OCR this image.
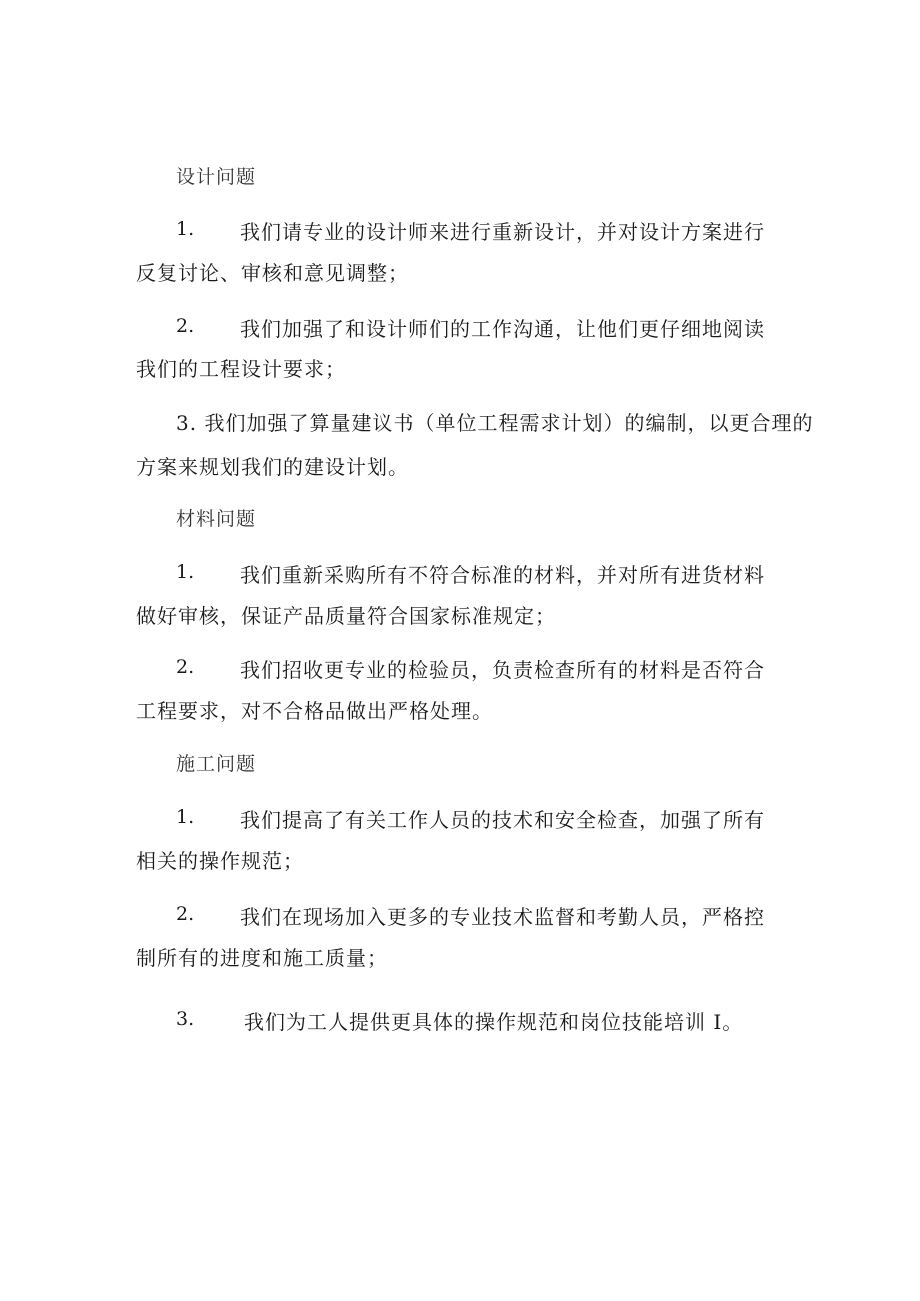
设计问题
1. 我们请专业的设计师来进行重新设计，并对设计方案进行
反复讨论、审核和意见调整；
2. 我们加强了和设计师们的工作沟通，让他们更仔细地阅读
我们的工程设计要求；
3. 我们加强了算量建议书（单位工程需求计划）的编制，以更合理的
方案来规划我们的建设计划。
材料问题
1. 我们重新采购所有不符合标准的材料，并对所有进货材料
做好审核，保证产品质量符合国家标准规定；
2. 我们招收更专业的检验员，负责检查所有的材料是否符合
工程要求，对不合格品做出严格处理。
施工问题
1. 我们提高了有关工作人员的技术和安全检查，加强了所有
相关的操作规范；
2. 我们在现场加入更多的专业技术监督和考勤人员，严格控
制所有的进度和施工质量；
3. 我们为工人提供更具体的操作规范和岗位技能培训 I。
